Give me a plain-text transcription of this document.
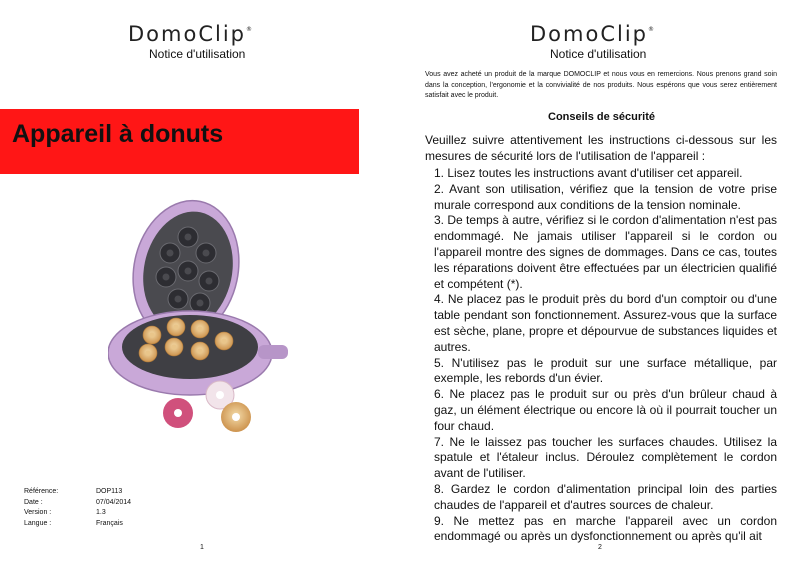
DomoClip®
Notice d'utilisation
Appareil à donuts
Référence:	DOP113
Date :	07/04/2014
Version :	1.3
Langue :	Français
1
DomoClip®
Notice d'utilisation
Vous avez acheté un produit de la marque DOMOCLIP et nous vous en remercions. Nous prenons grand soin dans la conception, l'ergonomie et la convivialité de nos produits. Nous espérons que vous serez entièrement satisfait avec le produit.
Conseils de sécurité
Veuillez suivre attentivement les instructions ci-dessous sur les mesures de sécurité lors de l'utilisation de l'appareil :

1. Lisez toutes les instructions avant d'utiliser cet appareil.

2. Avant son utilisation, vérifiez que la tension de votre prise murale correspond aux conditions de la tension nominale.

3. De temps à autre, vérifiez si le cordon d'alimentation n'est pas endommagé. Ne jamais utiliser l'appareil si le cordon ou l'appareil montre des signes de dommages. Dans ce cas, toutes les réparations doivent être effectuées par un électricien qualifié et compétent (*).

4. Ne placez pas le produit près du bord d'un comptoir ou d'une table pendant son fonctionnement. Assurez-vous que la surface est sèche, plane, propre et dépourvue de substances liquides et autres.

5. N'utilisez pas le produit sur une surface métallique, par exemple, les rebords d'un évier.

6. Ne placez pas le produit sur ou près d'un brûleur chaud à gaz, un élément électrique ou encore là où il pourrait toucher un four chaud.

7. Ne le laissez pas toucher les surfaces chaudes. Utilisez la spatule et l'étaleur inclus. Déroulez complètement le cordon avant de l'utiliser.

8. Gardez le cordon d'alimentation principal loin des parties chaudes de l'appareil et d'autres sources de chaleur.

9. Ne mettez pas en marche l'appareil avec un cordon endommagé ou après un dysfonctionnement ou après qu'il ait

2
